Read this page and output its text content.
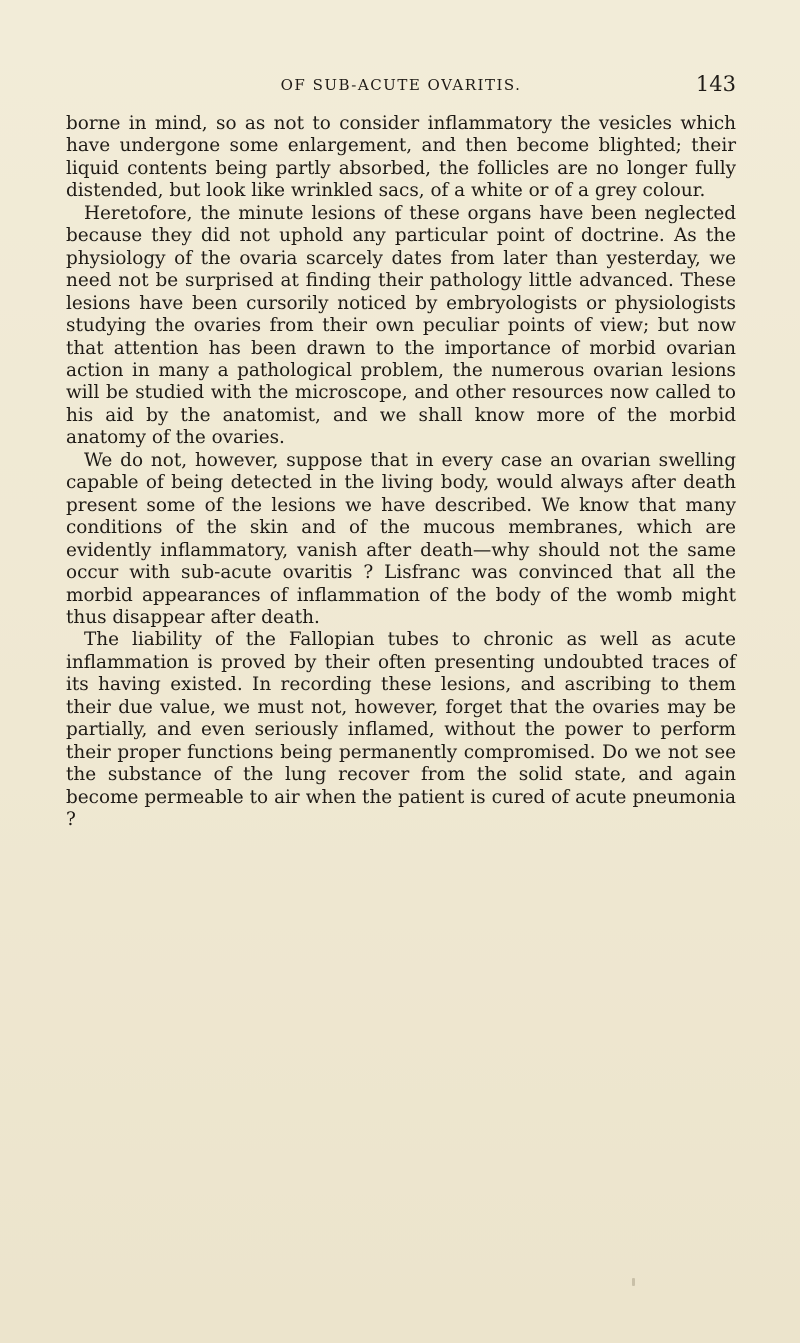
OF SUB-ACUTE OVARITIS.	143

borne in mind, so as not to consider inflammatory the vesicles which have undergone some enlargement, and then become blighted; their liquid contents being partly absorbed, the follicles are no longer fully distended, but look like wrinkled sacs, of a white or of a grey colour.

Heretofore, the minute lesions of these organs have been neglected because they did not uphold any particular point of doctrine. As the physiology of the ovaria scarcely dates from later than yesterday, we need not be surprised at finding their pathology little advanced. These lesions have been cursorily noticed by embryologists or physiologists studying the ovaries from their own peculiar points of view; but now that attention has been drawn to the importance of morbid ovarian action in many a pathological problem, the numerous ovarian lesions will be studied with the microscope, and other resources now called to his aid by the anatomist, and we shall know more of the morbid anatomy of the ovaries.

We do not, however, suppose that in every case an ovarian swelling capable of being detected in the living body, would always after death present some of the lesions we have described. We know that many conditions of the skin and of the mucous membranes, which are evidently inflammatory, vanish after death—why should not the same occur with sub-acute ovaritis ? Lisfranc was convinced that all the morbid appearances of inflammation of the body of the womb might thus disappear after death.

The liability of the Fallopian tubes to chronic as well as acute inflammation is proved by their often presenting undoubted traces of its having existed. In recording these lesions, and ascribing to them their due value, we must not, however, forget that the ovaries may be partially, and even seriously inflamed, without the power to perform their proper functions being permanently compromised. Do we not see the substance of the lung recover from the solid state, and again become permeable to air when the patient is cured of acute pneumonia ?
